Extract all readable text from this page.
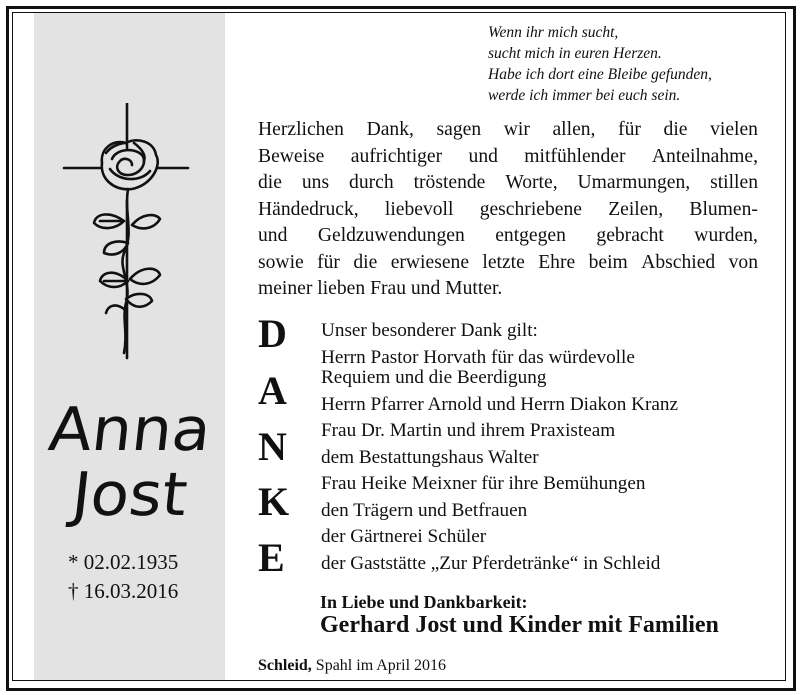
Anna
Jost
* 02.02.1935
† 16.03.2016
Wenn ihr mich sucht,
sucht mich in euren Herzen.
Habe ich dort eine Bleibe gefunden,
werde ich immer bei euch sein.
Herzlichen Dank, sagen wir allen, für die vielen
Beweise aufrichtiger und mitfühlender Anteilnahme,
die uns durch tröstende Worte, Umarmungen, stillen
Händedruck, liebevoll geschriebene Zeilen, Blumen-
und Geldzuwendungen entgegen gebracht wurden,
sowie für die erwiesene letzte Ehre beim Abschied von
meiner lieben Frau und Mutter.
D
A
N
K
E
Unser besonderer Dank gilt:
Herrn Pastor Horvath für das würdevolle
Requiem und die Beerdigung
Herrn Pfarrer Arnold und Herrn Diakon Kranz
Frau Dr. Martin und ihrem Praxisteam
dem Bestattungshaus Walter
Frau Heike Meixner für ihre Bemühungen
den Trägern und Betfrauen
der Gärtnerei Schüler
der Gaststätte „Zur Pferdetränke“ in Schleid
In Liebe und Dankbarkeit:
Gerhard Jost und Kinder mit Familien
Schleid, Spahl im April 2016
